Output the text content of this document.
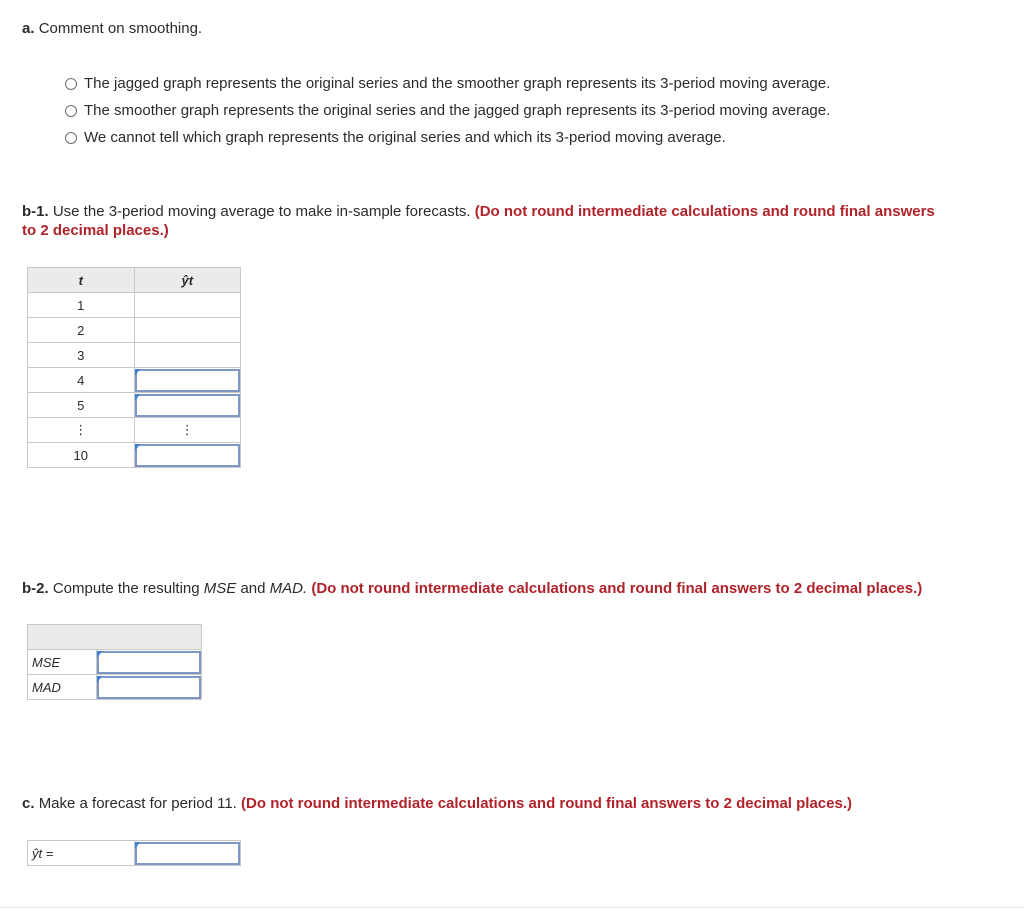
a. Comment on smoothing.
The jagged graph represents the original series and the smoother graph represents its 3-period moving average.
The smoother graph represents the original series and the jagged graph represents its 3-period moving average.
We cannot tell which graph represents the original series and which its 3-period moving average.
b-1. Use the 3-period moving average to make in-sample forecasts. (Do not round intermediate calculations and round final answers
to 2 decimal places.)
t	ŷt
1	
2	
3	
4	

5	

⋮	⋮
10	
b-2. Compute the resulting MSE and MAD. (Do not round intermediate calculations and round final answers to 2 decimal places.)

MSE	

MAD	
c. Make a forecast for period 11. (Do not round intermediate calculations and round final answers to 2 decimal places.)
ŷt =	
